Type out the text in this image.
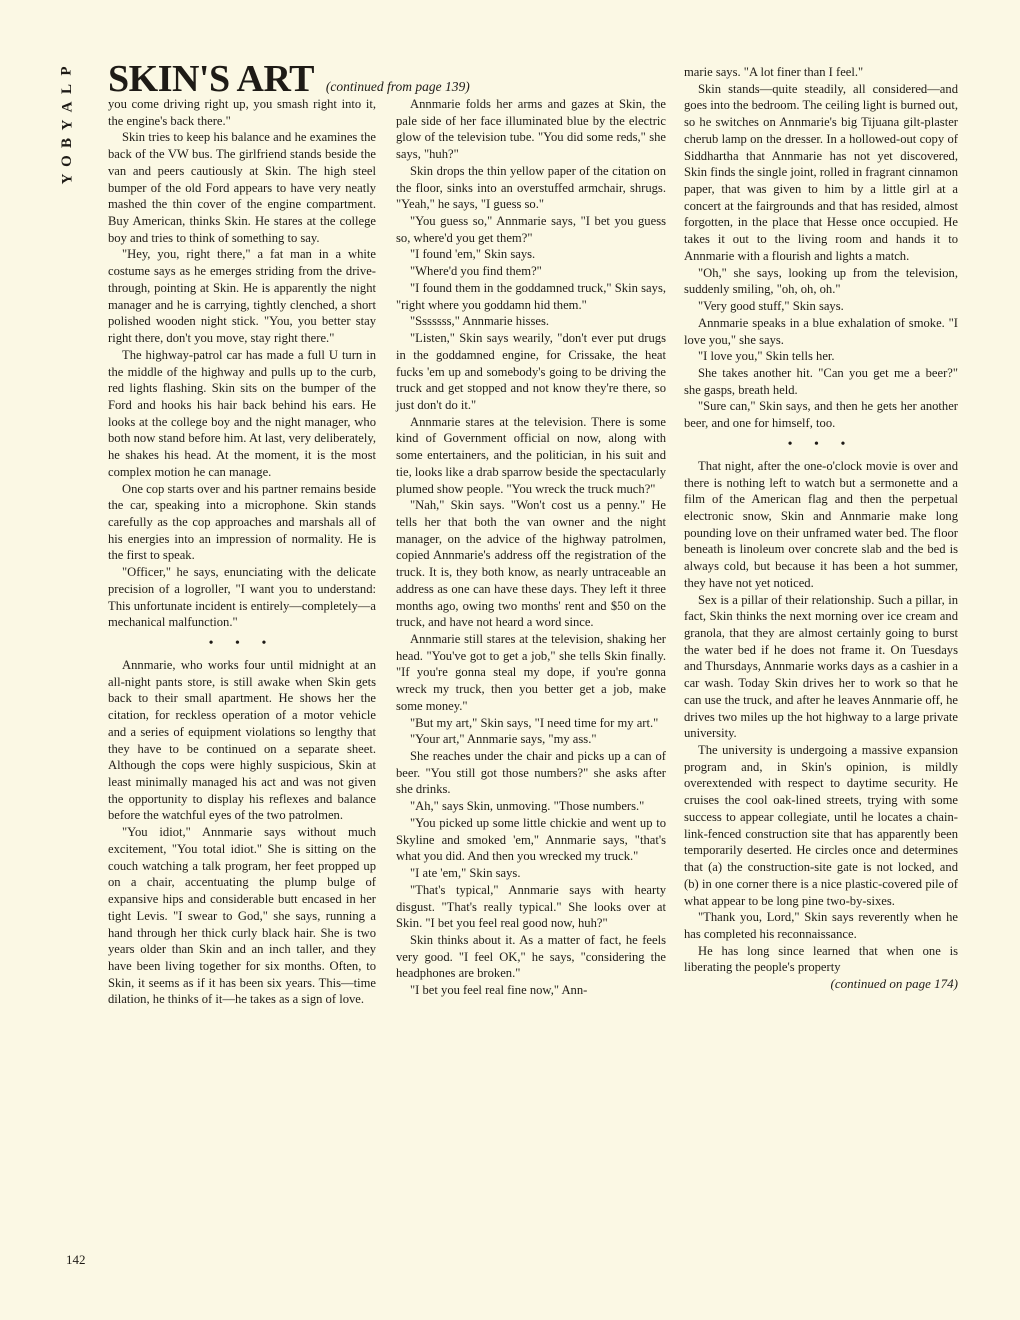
P
L
A
Y
B
O
Y
SKIN'S ART (continued from page 139)

you come driving right up, you smash right into it, the engine's back there."

Skin tries to keep his balance and he examines the back of the VW bus. The girlfriend stands beside the van and peers cautiously at Skin. The high steel bumper of the old Ford appears to have very neatly mashed the thin cover of the engine compartment. Buy American, thinks Skin. He stares at the college boy and tries to think of something to say.

"Hey, you, right there," a fat man in a white costume says as he emerges striding from the drive-through, pointing at Skin. He is apparently the night manager and he is carrying, tightly clenched, a short polished wooden night stick. "You, you better stay right there, don't you move, stay right there."

The highway-patrol car has made a full U turn in the middle of the highway and pulls up to the curb, red lights flashing. Skin sits on the bumper of the Ford and hooks his hair back behind his ears. He looks at the college boy and the night manager, who both now stand before him. At last, very deliberately, he shakes his head. At the moment, it is the most complex motion he can manage.

One cop starts over and his partner remains beside the car, speaking into a microphone. Skin stands carefully as the cop approaches and marshals all of his energies into an impression of normality. He is the first to speak.

"Officer," he says, enunciating with the delicate precision of a logroller, "I want you to understand: This unfortunate incident is entirely—completely—a mechanical malfunction."

• • •

Annmarie, who works four until midnight at an all-night pants store, is still awake when Skin gets back to their small apartment. He shows her the citation, for reckless operation of a motor vehicle and a series of equipment violations so lengthy that they have to be continued on a separate sheet. Although the cops were highly suspicious, Skin at least minimally managed his act and was not given the opportunity to display his reflexes and balance before the watchful eyes of the two patrolmen.

"You idiot," Annmarie says without much excitement, "You total idiot." She is sitting on the couch watching a talk program, her feet propped up on a chair, accentuating the plump bulge of expansive hips and considerable butt encased in her tight Levis. "I swear to God," she says, running a hand through her thick curly black hair. She is two years older than Skin and an inch taller, and they have been living together for six months. Often, to Skin, it seems as if it has been six years. This—time dilation, he thinks of it—he takes as a sign of love.

Annmarie folds her arms and gazes at Skin, the pale side of her face illuminated blue by the electric glow of the television tube. "You did some reds," she says, "huh?"

Skin drops the thin yellow paper of the citation on the floor, sinks into an overstuffed armchair, shrugs. "Yeah," he says, "I guess so."

"You guess so," Annmarie says, "I bet you guess so, where'd you get them?"

"I found 'em," Skin says.

"Where'd you find them?"

"I found them in the goddamned truck," Skin says, "right where you goddamn hid them."

"Sssssss," Annmarie hisses.

"Listen," Skin says wearily, "don't ever put drugs in the goddamned engine, for Crissake, the heat fucks 'em up and somebody's going to be driving the truck and get stopped and not know they're there, so just don't do it."

Annmarie stares at the television. There is some kind of Government official on now, along with some entertainers, and the politician, in his suit and tie, looks like a drab sparrow beside the spectacularly plumed show people. "You wreck the truck much?"

"Nah," Skin says. "Won't cost us a penny." He tells her that both the van owner and the night manager, on the advice of the highway patrolmen, copied Annmarie's address off the registration of the truck. It is, they both know, as nearly untraceable an address as one can have these days. They left it three months ago, owing two months' rent and $50 on the truck, and have not heard a word since.

Annmarie still stares at the television, shaking her head. "You've got to get a job," she tells Skin finally. "If you're gonna steal my dope, if you're gonna wreck my truck, then you better get a job, make some money."

"But my art," Skin says, "I need time for my art."

"Your art," Annmarie says, "my ass."

She reaches under the chair and picks up a can of beer. "You still got those numbers?" she asks after she drinks.

"Ah," says Skin, unmoving. "Those numbers."

"You picked up some little chickie and went up to Skyline and smoked 'em," Annmarie says, "that's what you did. And then you wrecked my truck."

"I ate 'em," Skin says.

"That's typical," Annmarie says with hearty disgust. "That's really typical." She looks over at Skin. "I bet you feel real good now, huh?"

Skin thinks about it. As a matter of fact, he feels very good. "I feel OK," he says, "considering the headphones are broken."

"I bet you feel real fine now," Ann-

marie says. "A lot finer than I feel."

Skin stands—quite steadily, all considered—and goes into the bedroom. The ceiling light is burned out, so he switches on Annmarie's big Tijuana gilt-plaster cherub lamp on the dresser. In a hollowed-out copy of Siddhartha that Annmarie has not yet discovered, Skin finds the single joint, rolled in fragrant cinnamon paper, that was given to him by a little girl at a concert at the fairgrounds and that has resided, almost forgotten, in the place that Hesse once occupied. He takes it out to the living room and hands it to Annmarie with a flourish and lights a match.

"Oh," she says, looking up from the television, suddenly smiling, "oh, oh, oh."

"Very good stuff," Skin says.

Annmarie speaks in a blue exhalation of smoke. "I love you," she says.

"I love you," Skin tells her.

She takes another hit. "Can you get me a beer?" she gasps, breath held.

"Sure can," Skin says, and then he gets her another beer, and one for himself, too.

• • •

That night, after the one-o'clock movie is over and there is nothing left to watch but a sermonette and a film of the American flag and then the perpetual electronic snow, Skin and Annmarie make long pounding love on their unframed water bed. The floor beneath is linoleum over concrete slab and the bed is always cold, but because it has been a hot summer, they have not yet noticed.

Sex is a pillar of their relationship. Such a pillar, in fact, Skin thinks the next morning over ice cream and granola, that they are almost certainly going to burst the water bed if he does not frame it. On Tuesdays and Thursdays, Annmarie works days as a cashier in a car wash. Today Skin drives her to work so that he can use the truck, and after he leaves Annmarie off, he drives two miles up the hot highway to a large private university.

The university is undergoing a massive expansion program and, in Skin's opinion, is mildly overextended with respect to daytime security. He cruises the cool oak-lined streets, trying with some success to appear collegiate, until he locates a chain-link-fenced construction site that has apparently been temporarily deserted. He circles once and determines that (a) the construction-site gate is not locked, and (b) in one corner there is a nice plastic-covered pile of what appear to be long pine two-by-sixes.

"Thank you, Lord," Skin says reverently when he has completed his reconnaissance.

He has long since learned that when one is liberating the people's property

(continued on page 174)
142
